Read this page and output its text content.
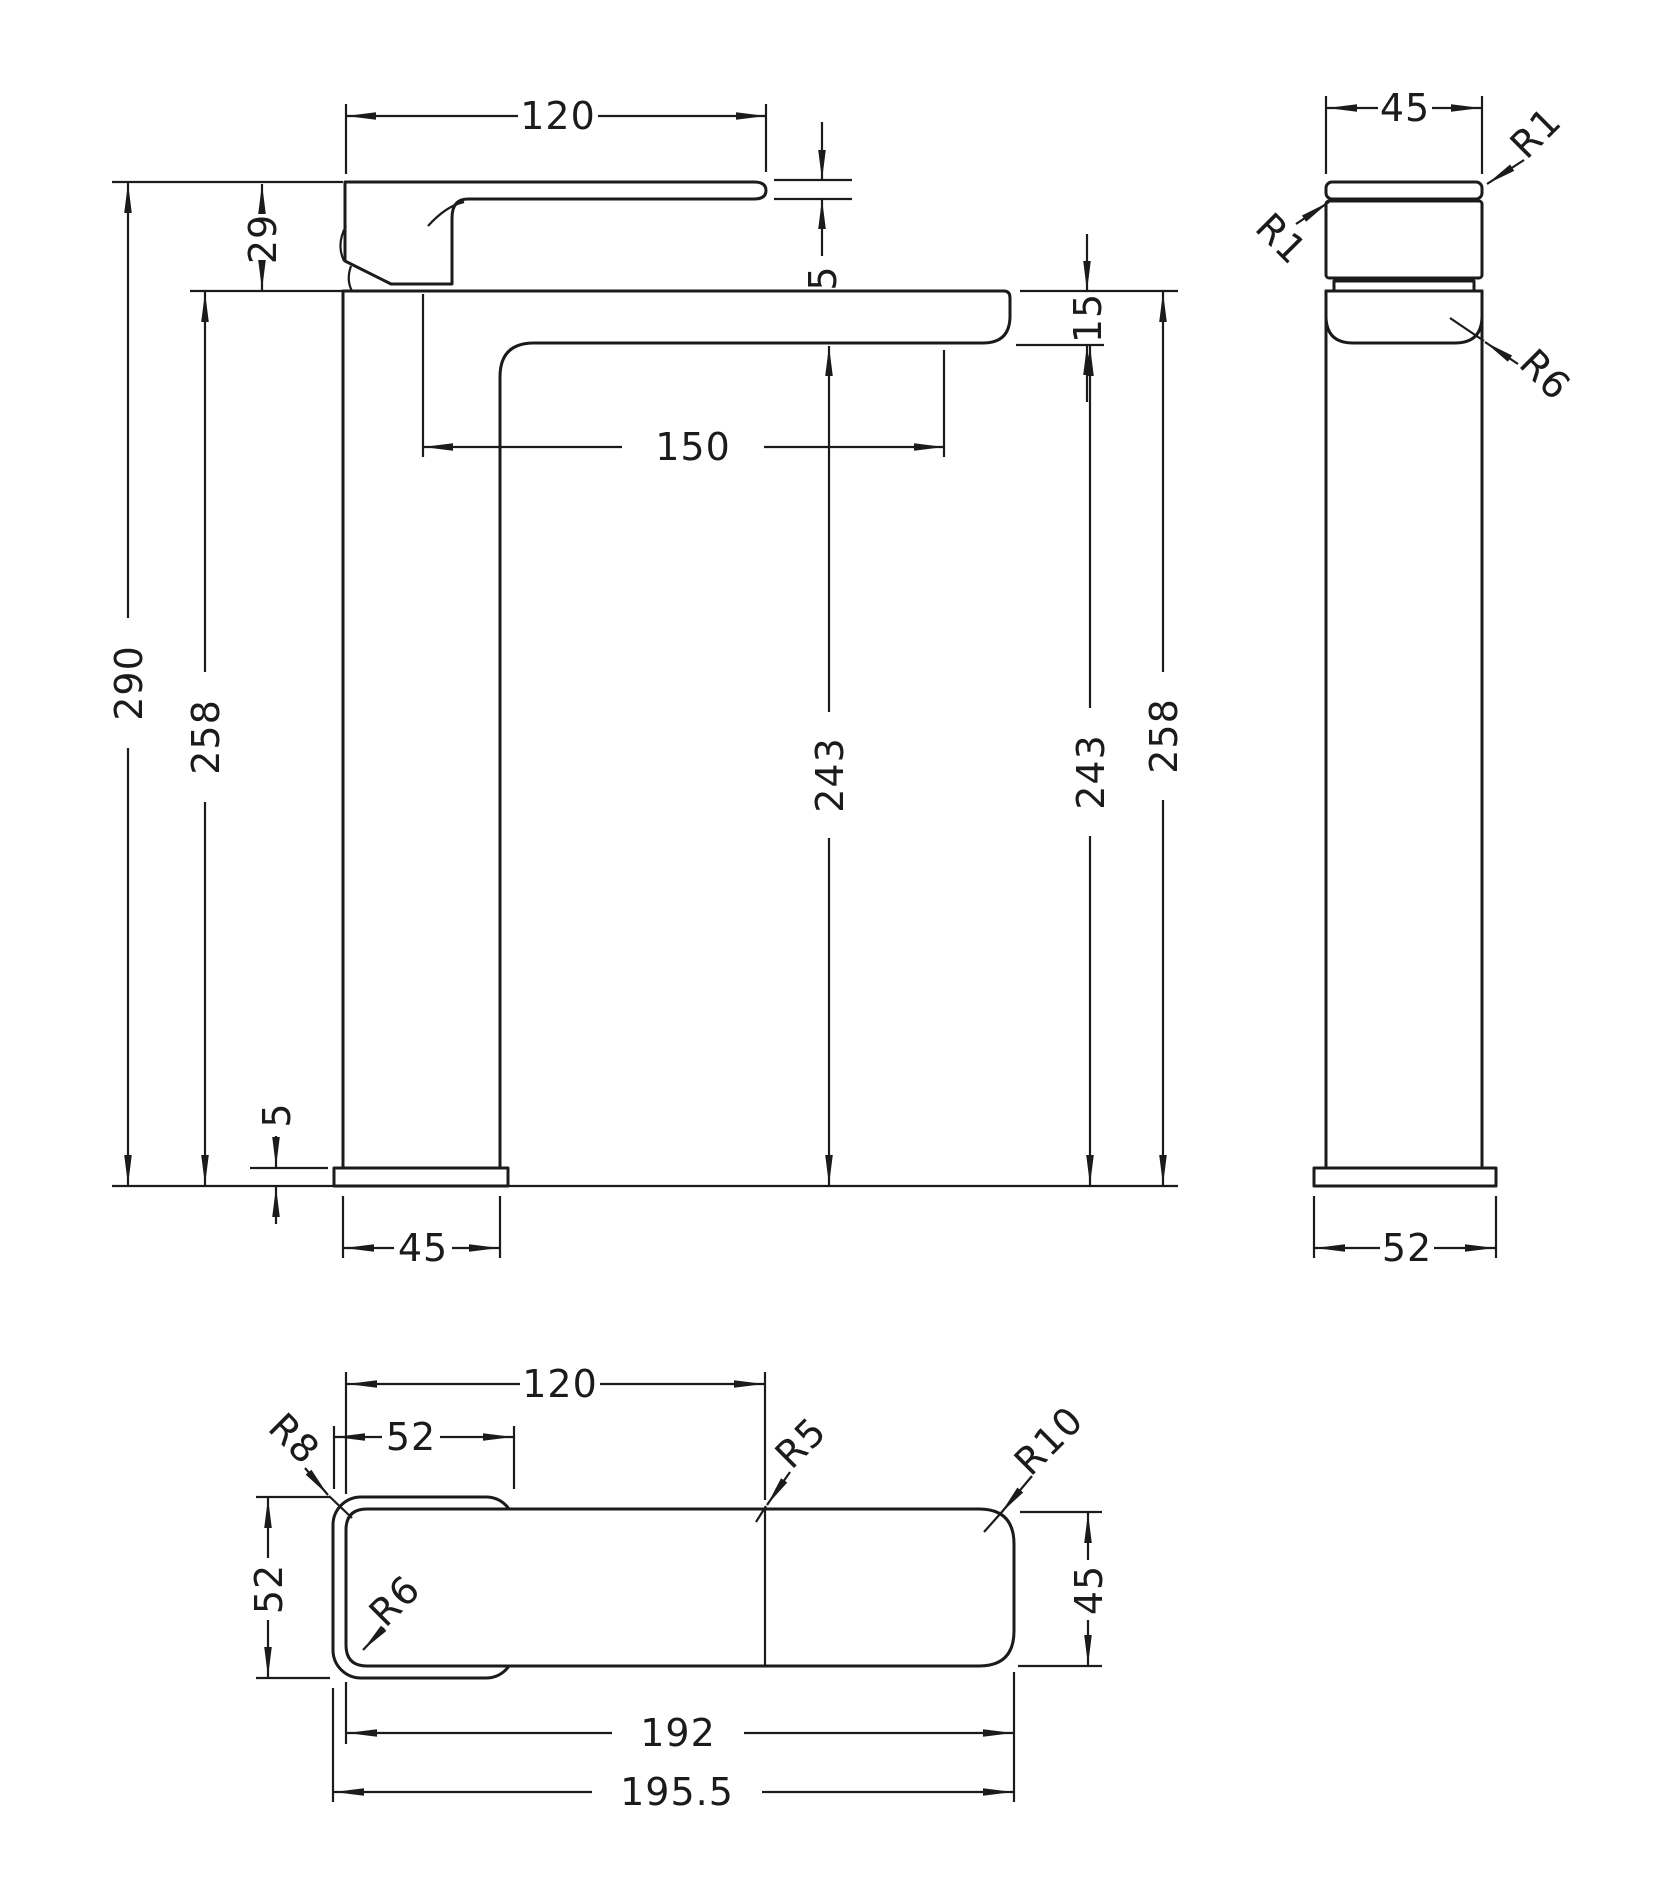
120
29
5
15
150
290
258
243	243 258
5
45
45 R1
R1
R6
52
120
52
52	45
R8
R6
R5	R10
192
195.5
